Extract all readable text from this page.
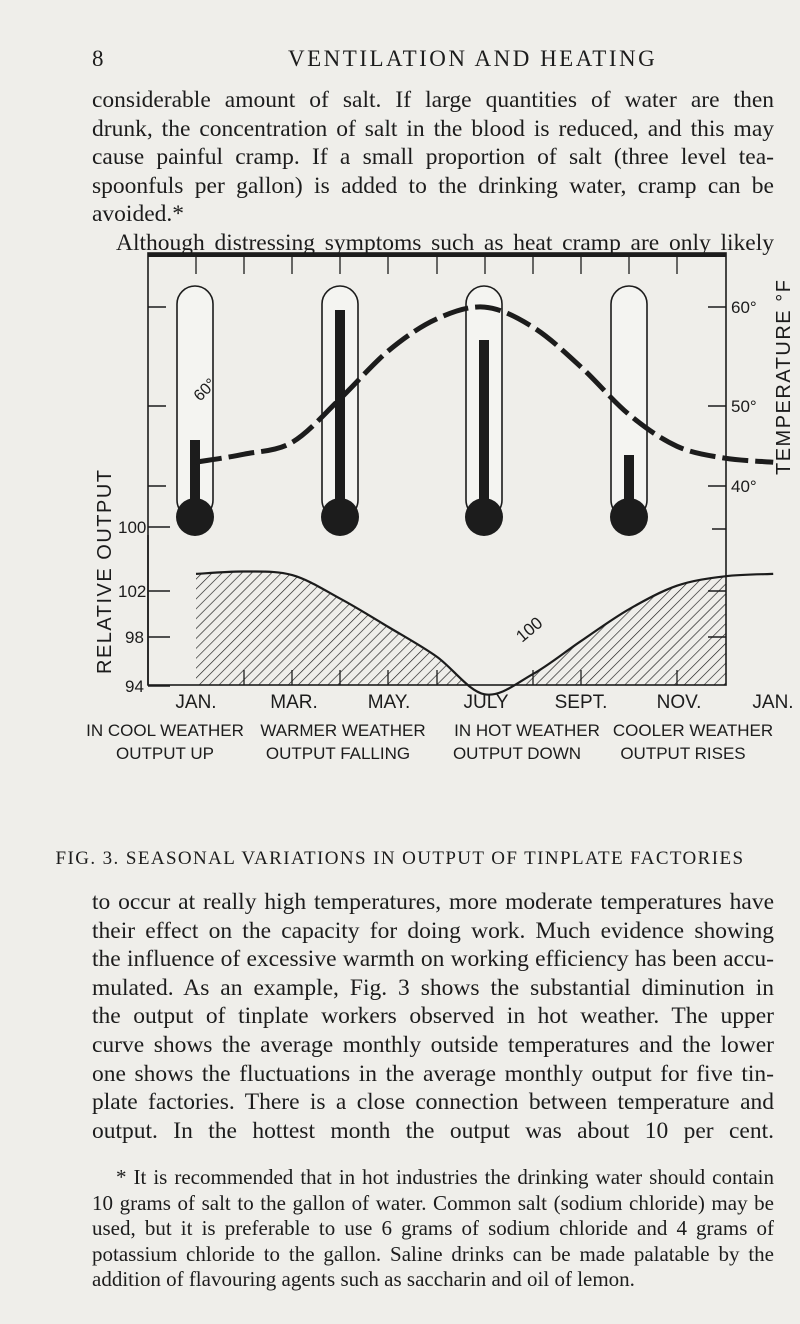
8	VENTILATION AND HEATING

considerable amount of salt. If large quantities of water are then

drunk, the concentration of salt in the blood is reduced, and this may

cause painful cramp. If a small proportion of salt (three level tea-

spoonfuls per gallon) is added to the drinking water, cramp can be

avoided.*

Although distressing symptoms such as heat cramp are only likely

60°
50°
40°
TEMPERATURE °F
60°
100
100
102
98
94
RELATIVE OUTPUT
JAN.	MAR.	MAY.	JULY SEPT.	NOV.	JAN.
IN COOL WEATHER
OUTPUT UP
WARMER WEATHER
OUTPUT FALLING
IN HOT WEATHER
OUTPUT DOWN
COOLER WEATHER
OUTPUT RISES
FIG. 3. SEASONAL VARIATIONS IN OUTPUT OF TINPLATE FACTORIES

to occur at really high temperatures, more moderate temperatures have

their effect on the capacity for doing work. Much evidence showing

the influence of excessive warmth on working efficiency has been accu-

mulated. As an example, Fig. 3 shows the substantial diminution in

the output of tinplate workers observed in hot weather. The upper

curve shows the average monthly outside temperatures and the lower

one shows the fluctuations in the average monthly output for five tin-

plate factories. There is a close connection between temperature and

output. In the hottest month the output was about 10 per cent.

* It is recommended that in hot industries the drinking water should contain

10 grams of salt to the gallon of water. Common salt (sodium chloride) may be

used, but it is preferable to use 6 grams of sodium chloride and 4 grams of

potassium chloride to the gallon. Saline drinks can be made palatable by the

addition of flavouring agents such as saccharin and oil of lemon.
